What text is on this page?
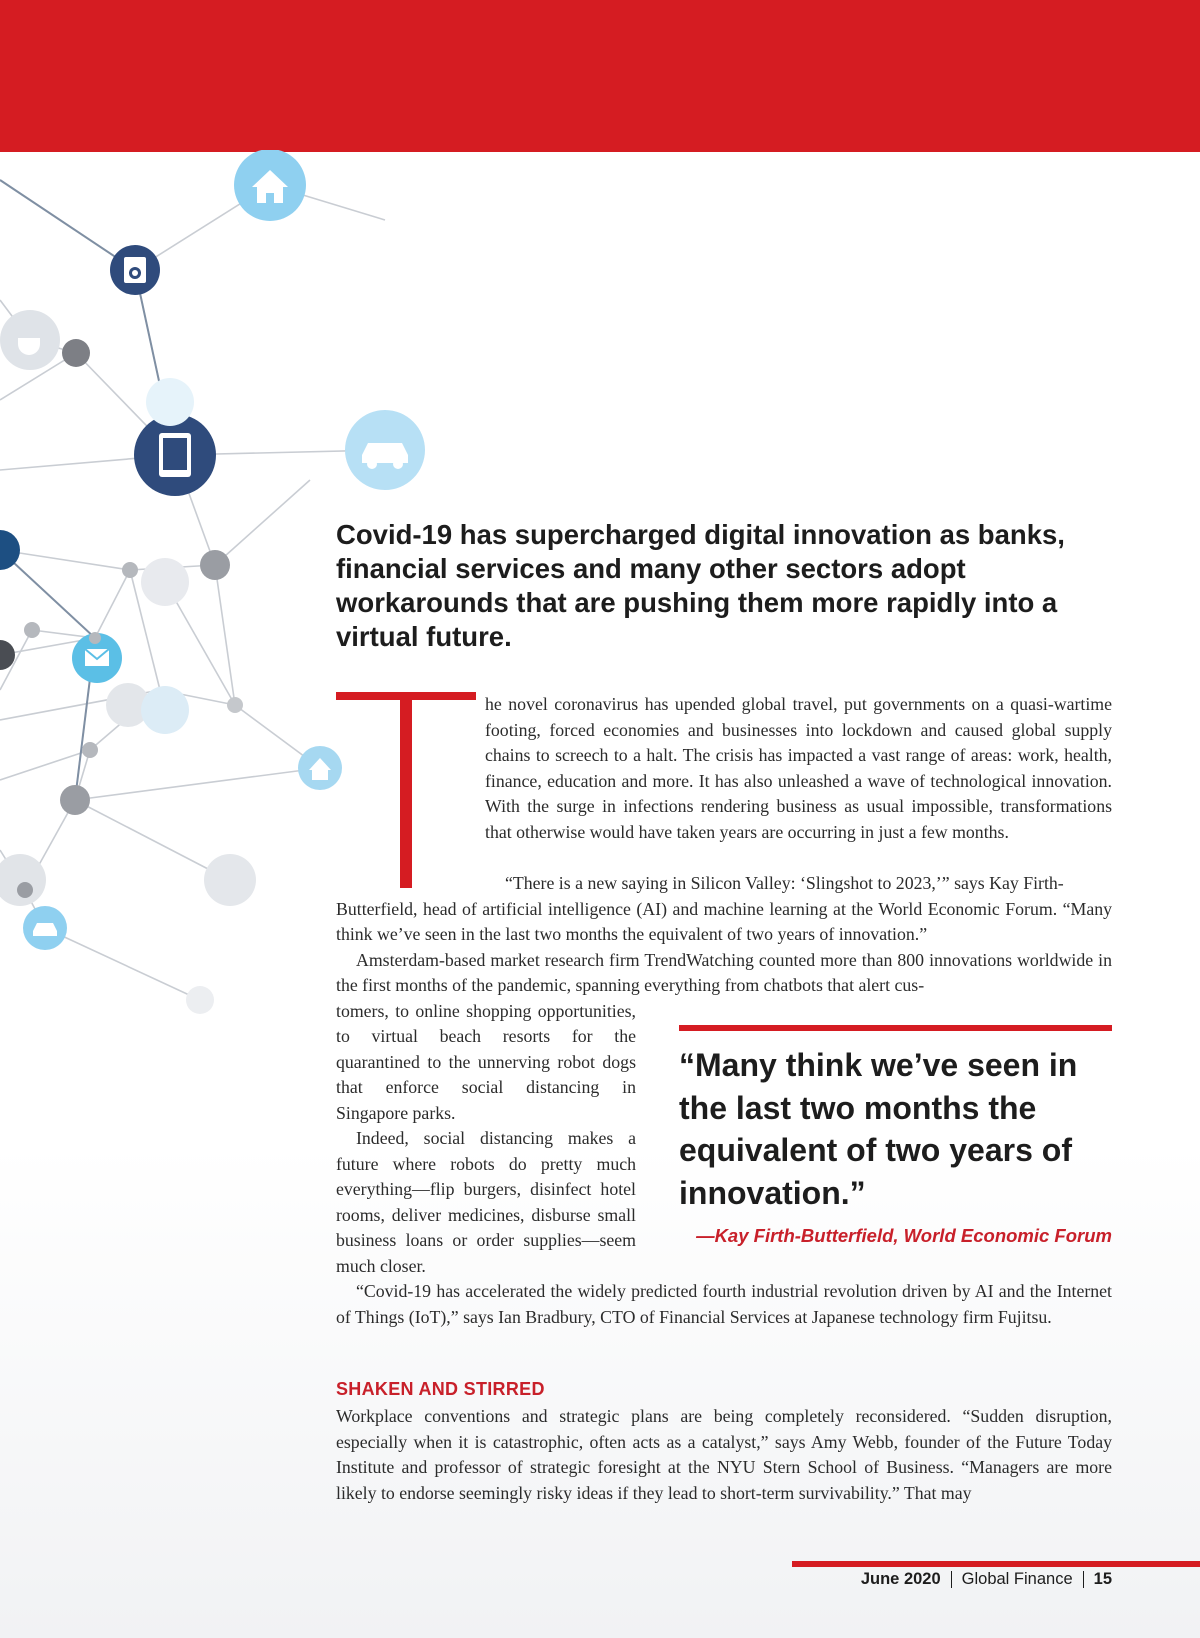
Covid-19 has supercharged digital innovation as banks, financial services and many other sectors adopt workarounds that are pushing them more rapidly into a virtual future.

he novel coronavirus has upended global travel, put governments on a quasi-wartime footing, forced economies and businesses into lockdown and caused global supply chains to screech to a halt. The crisis has impacted a vast range of areas: work, health, finance, education and more. It has also unleashed a wave of technological innovation. With the surge in infections rendering business as usual impossible, transformations that otherwise would have taken years are occurring in just a few months.

“There is a new saying in Silicon Valley: ‘Slingshot to 2023,’” says Kay Firth-

Butterfield, head of artificial intelligence (AI) and machine learning at the World Economic Forum. “Many think we’ve seen in the last two months the equivalent of two years of innovation.”

Amsterdam-based market research firm TrendWatching counted more than 800 innovations worldwide in the first months of the pandemic, spanning everything from chatbots that alert cus-

tomers, to online shopping opportunities, to virtual beach resorts for the quarantined to the unnerving robot dogs that enforce social distancing in Singapore parks.

Indeed, social distancing makes a future where robots do pretty much everything—flip burgers, disinfect hotel rooms, deliver medicines, disburse small business loans or order supplies—seem much closer.

“Covid-19 has accelerated the widely predicted fourth industrial revolution driven by AI and the Internet of Things (IoT),” says Ian Bradbury, CTO of Financial Services at Japanese technology firm Fujitsu.

“Many think we’ve seen in the last two months the equivalent of two years of innovation.”

—Kay Firth-Butterfield, World Economic Forum

SHAKEN AND STIRRED

Workplace conventions and strategic plans are being completely reconsidered. “Sudden disruption, especially when it is catastrophic, often acts as a catalyst,” says Amy Webb, founder of the Future Today Institute and professor of strategic foresight at the NYU Stern School of Business. “Managers are more likely to endorse seemingly risky ideas if they lead to short-term survivability.” That may

June 2020 Global Finance 15
